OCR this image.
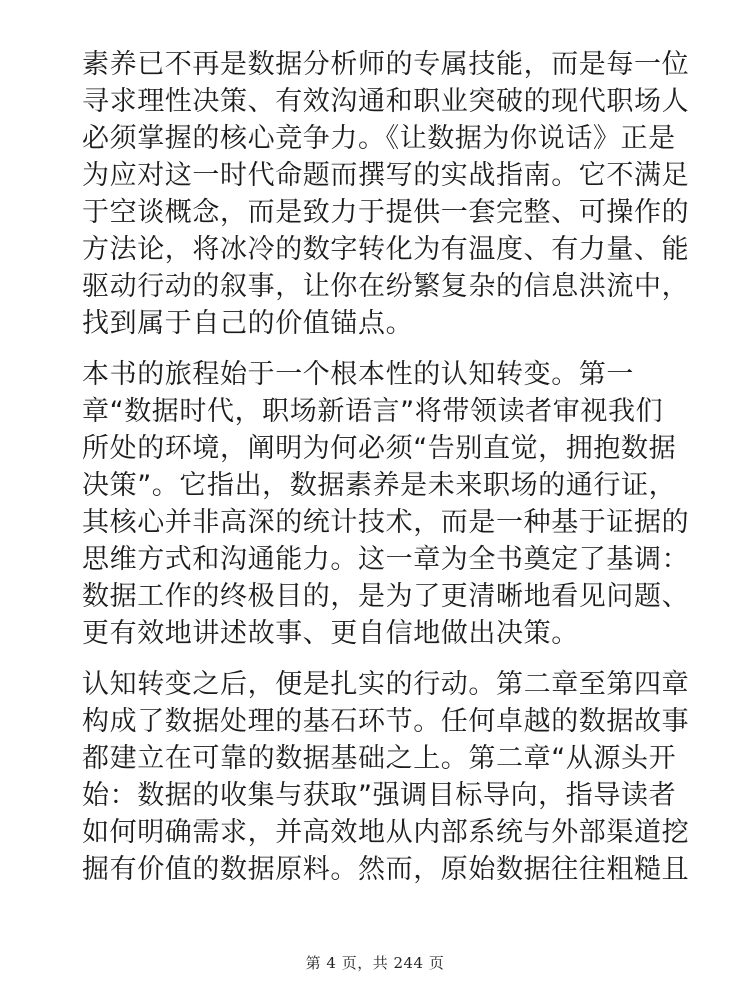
素养已不再是数据分析师的专属技能，而是每一位
寻求理性决策、有效沟通和职业突破的现代职场人
必须掌握的核心竞争力。《让数据为你说话》正是
为应对这一时代命题而撰写的实战指南。它不满足
于空谈概念，而是致力于提供一套完整、可操作的
方法论，将冰冷的数字转化为有温度、有力量、能
驱动行动的叙事，让你在纷繁复杂的信息洪流中，
找到属于自己的价值锚点。
本书的旅程始于一个根本性的认知转变。第一
章“数据时代，职场新语言”将带领读者审视我们
所处的环境，阐明为何必须“告别直觉，拥抱数据
决策”。它指出，数据素养是未来职场的通行证，
其核心并非高深的统计技术，而是一种基于证据的
思维方式和沟通能力。这一章为全书奠定了基调：
数据工作的终极目的，是为了更清晰地看见问题、
更有效地讲述故事、更自信地做出决策。
认知转变之后，便是扎实的行动。第二章至第四章
构成了数据处理的基石环节。任何卓越的数据故事
都建立在可靠的数据基础之上。第二章“从源头开
始：数据的收集与获取”强调目标导向，指导读者
如何明确需求，并高效地从内部系统与外部渠道挖
掘有价值的数据原料。然而，原始数据往往粗糙且
第 4 页，共 244 页
